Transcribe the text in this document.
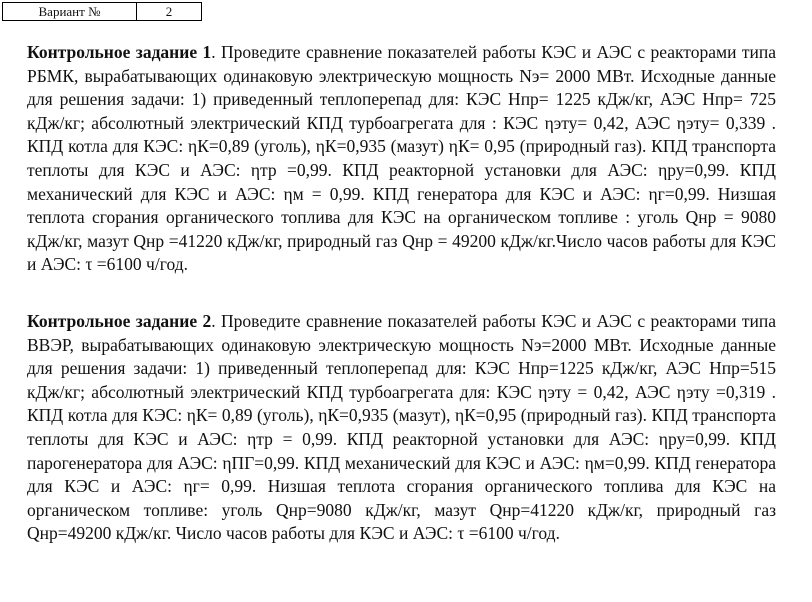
Вариант №	2

Контрольное задание 1. Проведите сравнение показателей работы КЭС и АЭС с реакторами типа РБМК, вырабатывающих одинаковую электрическую мощность Nэ= 2000 МВт. Исходные данные для решения задачи: 1) приведенный теплоперепад для: КЭС Hпр= 1225 кДж/кг, АЭС Hпр= 725 кДж/кг; абсолютный электрический КПД турбоагрегата для : КЭС ηэту= 0,42, АЭС ηэту= 0,339 . КПД котла для КЭС: ηК=0,89 (уголь), ηК=0,935 (мазут) ηК= 0,95 (природный газ). КПД транспорта теплоты для КЭС и АЭС: ηтр =0,99. КПД реакторной установки для АЭС: ηру=0,99. КПД механический для КЭС и АЭС: ηм = 0,99. КПД генератора для КЭС и АЭС: ηг=0,99. Низшая теплота сгорания органического топлива для КЭС на органическом топливе : уголь Qнр = 9080 кДж/кг, мазут Qнр =41220 кДж/кг, природный газ Qнр = 49200 кДж/кг.Число часов работы для КЭС и АЭС: τ =6100 ч/год.

Контрольное задание 2. Проведите сравнение показателей работы КЭС и АЭС с реакторами типа ВВЭР, вырабатывающих одинаковую электрическую мощность Nэ=2000 МВт. Исходные данные для решения задачи: 1) приведенный теплоперепад для: КЭС Hпр=1225 кДж/кг, АЭС Hпр=515 кДж/кг; абсолютный электрический КПД турбоагрегата для: КЭС ηэту = 0,42, АЭС ηэту =0,319 . КПД котла для КЭС: ηК= 0,89 (уголь), ηК=0,935 (мазут), ηК=0,95 (природный газ). КПД транспорта теплоты для КЭС и АЭС: ηтр = 0,99. КПД реакторной установки для АЭС: ηру=0,99. КПД парогенератора для АЭС: ηПГ=0,99. КПД механический для КЭС и АЭС: ηм=0,99. КПД генератора для КЭС и АЭС: ηг= 0,99. Низшая теплота сгорания органического топлива для КЭС на органическом топливе: уголь Qнр=9080 кДж/кг, мазут Qнр=41220 кДж/кг, природный газ Qнр=49200 кДж/кг. Число часов работы для КЭС и АЭС: τ =6100 ч/год.
